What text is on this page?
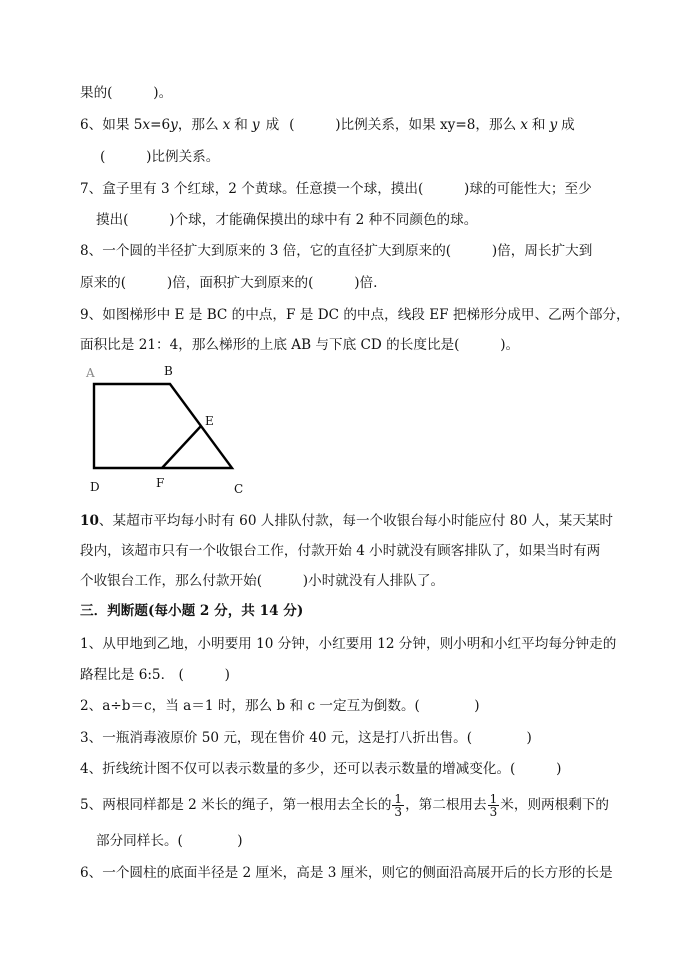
果的(　　　)。
6、如果 5x=6y，那么 x 和 y 成 (　　　)比例关系，如果 xy=8，那么 x 和 y 成
(　　　)比例关系。
7、盒子里有 3 个红球，2 个黄球。任意摸一个球，摸出(　　　)球的可能性大；至少
摸出(　　　)个球，才能确保摸出的球中有 2 种不同颜色的球。
8、一个圆的半径扩大到原来的 3 倍，它的直径扩大到原来的(　　　)倍，周长扩大到
原来的(　　　)倍，面积扩大到原来的(　　　)倍.
9、如图梯形中 E 是 BC 的中点，F 是 DC 的中点，线段 EF 把梯形分成甲、乙两个部分，
面积比是 21：4，那么梯形的上底 AB 与下底 CD 的长度比是(　　　)。
A	B
E
D	F	C
10、某超市平均每小时有 60 人排队付款，每一个收银台每小时能应付 80 人，某天某时
段内，该超市只有一个收银台工作，付款开始 4 小时就没有顾客排队了，如果当时有两
个收银台工作，那么付款开始(　　　)小时就没有人排队了。
三．判断题(每小题 2 分，共 14 分)
1、从甲地到乙地，小明要用 10 分钟，小红要用 12 分钟，则小明和小红平均每分钟走的
路程比是 6:5． (　　　)
2、a÷b＝c，当 a＝1 时，那么 b 和 c 一定互为倒数。(　　　　)
3、一瓶消毒液原价 50 元，现在售价 40 元，这是打八折出售。(　　　　)
4、折线统计图不仅可以表示数量的多少，还可以表示数量的增减变化。(　　　)
5、两根同样都是 2 米长的绳子，第一根用去全长的 $\frac{1}{3}$ ，第二根用去 $\frac{1}{3}$ 米，则两根剩下的
部分同样长。(　　　　)
6、一个圆柱的底面半径是 2 厘米，高是 3 厘米，则它的侧面沿高展开后的长方形的长是
